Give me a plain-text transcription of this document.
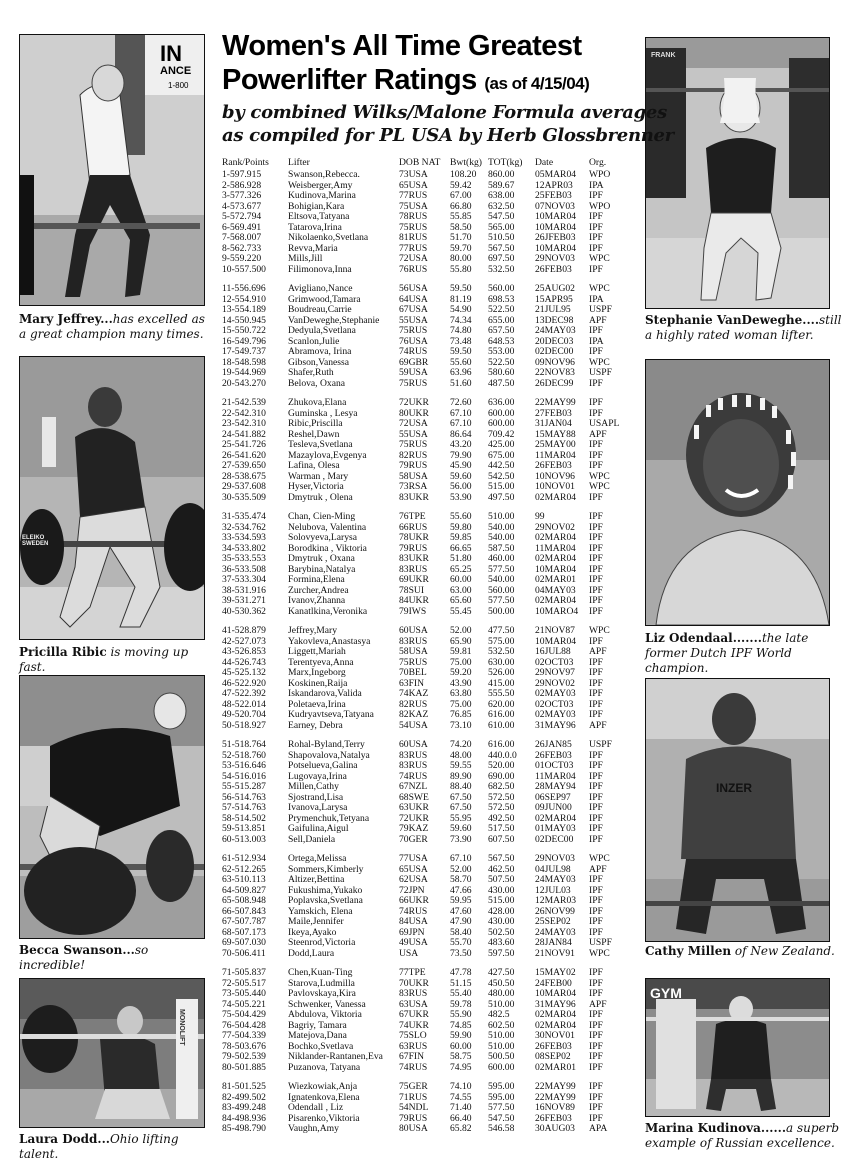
IN
ANCE
1-800
Mary Jeffrey...has excelled as a great champion many times.
ELEIKO SWEDEN
Pricilla Ribic is moving up fast.
Becca Swanson...so incredible!
MONOLIFT
Laura Dodd...Ohio lifting talent.
FRANK
Stephanie VanDeweghe....still a highly rated woman lifter.
Liz Odendaal.......the late former Dutch IPF World champion.
INZER
Cathy Millen of New Zealand.
GYM
Marina Kudinova......a superb example of Russian excellence.
Women's All Time Greatest
Powerlifter Ratings (as of 4/15/04)
by combined Wilks/Malone Formula averages
as compiled for PL USA by Herb Glossbrenner
Rank/Points Lifter	DOB NAT Bwt(kg) TOT(kg) Date	Org.
1-597.915	Swanson,Rebecca.	73USA 108.20 860.00 05MAR04 WPO
2-586.928	Weisberger,Amy	65USA 59.42 589.67 12APR03 IPA
3-577.326	Kudinova,Marina	77RUS 67.00 638.00 25FEB03 IPF
4-573.677	Bohigian,Kara	75USA 66.80 632.50 07NOV03 WPO
5-572.794	Eltsova,Tatyana	78RUS 55.85 547.50 10MAR04 IPF
6-569.491	Tatarova,Irina	75RUS 58.50 565.00 10MAR04 IPF
7-568.007	Nikolaenko,Svetlana	81RUS 51.70 510.50 26JFEB03 IPF
8-562.733	Revva,Maria	77RUS 59.70 567.50 10MAR04 IPF
9-559.220	Mills,Jill	72USA 80.00 697.50 29NOV03 WPC
10-557.500 Filimonova,Inna	76RUS 55.80 532.50 26FEB03 IPF
11-556.696 Avigliano,Nance	56USA 59.50 560.00 25AUG02 WPC
12-554.910 Grimwood,Tamara	64USA 81.19 698.53 15APR95 IPA
13-554.189 Boudreau,Carrie	67USA 54.90 522.50 21JUL95 USPF
14-550.945 VanDeweghe,Stephanie 55USA 74.34 655.00 13DEC98 APF
15-550.722 Dedyula,Svetlana	75RUS 74.80 657.50 24MAY03 IPF
16-549.796 Scanlon,Julie	76USA 73.48 648.53 20DEC03 IPA
17-549.737 Abramova, Irina	74RUS 59.50 553.00 02DEC00 IPF
18-548.598 Gibson,Vanessa	69GBR 55.60 522.50 09NOV96 WPC
19-544.969 Shafer,Ruth	59USA 63.96 580.60 22NOV83 USPF
20-543.270 Belova, Oxana	75RUS 51.60 487.50 26DEC99 IPF
21-542.539 Zhukova,Elana	72UKR 72.60 636.00 22MAY99 IPF
22-542.310 Guminska , Lesya	80UKR 67.10 600.00 27FEB03 IPF
23-542.310 Ribic,Priscilla	72USA 67.10 600.00 31JAN04 USAPL
24-541.882 Reshel,Dawn	55USA 86.64 709.42 15MAY88 APF
25-541.726 Tesleva,Svetlana	75RUS 43.20 425.00 25MAY00 IPF
26-541.620 Mazaylova,Evgenya	82RUS 79.90 675.00 11MAR04 IPF
27-539.650 Lafina, Olesa	79RUS 45.90 442.50 26FEB03 IPF
28-538.675 Warman , Mary	58USA 59.60 542.50 10NOV96 WPC
29-537.608 Hyser,Victoria	73RSA 56.00 515.00 10NOV01 WPC
30-535.509 Dmytruk , Olena	83UKR 53.90 497.50 02MAR04 IPF
31-535.474 Chan, Cien-Ming	76TPE	55.60 510.00 99	IPF
32-534.762 Nelubova, Valentina	66RUS 59.80 540.00 29NOV02 IPF
33-534.593 Solovyeva,Larysa	78UKR 59.85 540.00 02MAR04 IPF
34-533.802 Borodkina , Viktoria	79RUS 66.65 587.50 11MAR04 IPF
35-533.553 Dmytruk , Oxana	83UKR 51.80 460.00 02MAR04 IPF
36-533.508 Barybina,Natalya	83RUS 65.25 577.50 10MAR04 IPF
37-533.304 Formina,Elena	69UKR 60.00 540.00 02MAR01 IPF
38-531.916 Zurcher,Andrea	78SUI	63.00 560.00 04MAY03 IPF
39-531.271 Ivanov,Zhanna	84UKR 65.60 577.50 02MAR04 IPF
40-530.362 Kanatlkina,Veronika	79IWS 55.45 500.00 10MARO4 IPF
41-528.879 Jeffrey,Mary	60USA 52.00 477.50 21NOV87 WPC
42-527.073 Yakovleva,Anastasya	83RUS 65.90 575.00 10MAR04 IPF
43-526.853 Liggett,Mariah	58USA 59.81 532.50 16JUL88 APF
44-526.743 Terentyeva,Anna	75RUS 75.00 630.00 02OCT03 IPF
45-525.132 Marx,Ingeborg	70BEL 59.20 526.00 29NOV97 IPF
46-522.920 Koskinen,Raija	63FIN	43.90 415.00 29NOV02 IPF
47-522.392 Iskandarova,Valida	74KAZ 63.80 555.50 02MAY03 IPF
48-522.014 Poletaeva,Irina	82RUS 75.00 620.00 02OCT03 IPF
49-520.704 Kudryavtseva,Tatyana	82KAZ 76.85 616.00 02MAY03 IPF
50-518.927 Earney, Debra	54USA 73.10 610.00 31MAY96 APF
51-518.764 Rohal-Byland,Terry	60USA 74.20 616.00 26JAN85 USPF
52-518.760 Shapovalova,Natalya	83RUS 48.00 440.0.0 26FEB03 IPF
53-516.646 Potselueva,Galina	83RUS 59.55 520.00 01OCT03 IPF
54-516.016 Lugovaya,Irina	74RUS 89.90 690.00 11MAR04 IPF
55-515.287 Millen,Cathy	67NZL 88.40 682.50 28MAY94 IPF
56-514.763 Sjostrand,Lisa	68SWE 67.50 572.50 06SEP97 IPF
57-514.763 Ivanova,Larysa	63UKR 67.50 572.50 09JUN00 IPF
58-514.502 Prymenchuk,Tetyana	72UKR 55.95 492.50 02MAR04 IPF
59-513.851 Gaifulina,Aigul	79KAZ 59.60 517.50 01MAY03 IPF
60-513.003 Sell,Daniela	70GER 73.90 607.50 02DEC00 IPF
61-512.934 Ortega,Melissa	77USA 67.10 567.50 29NOV03 WPC
62-512.265 Sommers,Kimberly	65USA 52.00 462.50 04JUL98 APF
63-510.113 Altizer,Bettina	62USA 58.70 507.50 24MAY03 IPF
64-509.827 Fukushima,Yukako	72JPN	47.66 430.00 12JUL03 IPF
65-508.948 Poplavska,Svetlana	66UKR 59.95 515.00 12MAR03 IPF
66-507.843 Yamskich, Elena	74RUS 47.60 428.00 26NOV99 IPF
67-507.787 Maile,Jennifer	84USA 47.90 430.00 25SEP02 IPF
68-507.173 Ikeya,Ayako	69JPN	58.40 502.50 24MAY03 IPF
69-507.030 Steenrod,Victoria	49USA 55.70 483.60 28JAN84 USPF
70-506.411 Dodd,Laura	USA	73.50 597.50 21NOV91 WPC
71-505.837 Chen,Kuan-Ting	77TPE	47.78 427.50 15MAY02 IPF
72-505.517 Starova,Ludmilla	70UKR 51.15 450.50 24FEB00 IPF
73-505.440 Pavlovskaya,Kira	83RUS 55.40 480.00 10MAR04 IPF
74-505.221 Schwenker, Vanessa	63USA 59.78 510.00 31MAY96 APF
75-504.429 Abdulova, Viktoria	67UKR 55.90 482.5	02MAR04 IPF
76-504.428 Bagriy, Tamara	74UKR 74.85 602.50 02MAR04 IPF
77-504.339 Matejova,Dana	75SLO 59.90 510.00 30NOV01 IPF
78-503.676 Bochko,Svetlava	63RUS 60.00 510.00 26FEB03 IPF
79-502.539 Niklander-Rantanen,Eva 67FIN	58.75 500.50 08SEP02 IPF
80-501.885 Puzanova, Tatyana	74RUS 74.95 600.00 02MAR01 IPF
81-501.525 Wiezkowiak,Anja	75GER 74.10 595.00 22MAY99 IPF
82-499.502 Ignatenkova,Elena	71RUS 74.55 595.00 22MAY99 IPF
83-499.248 Odendall , Liz	54NDL 71.40 577.50 16NOV89 IPF
84-498.936 Pisarenko,Viktoria	79RUS 66.40 547.50 26FEB03 IPF
85-498.790 Vaughn,Amy	80USA 65.82 546.58 30AUG03 APA
